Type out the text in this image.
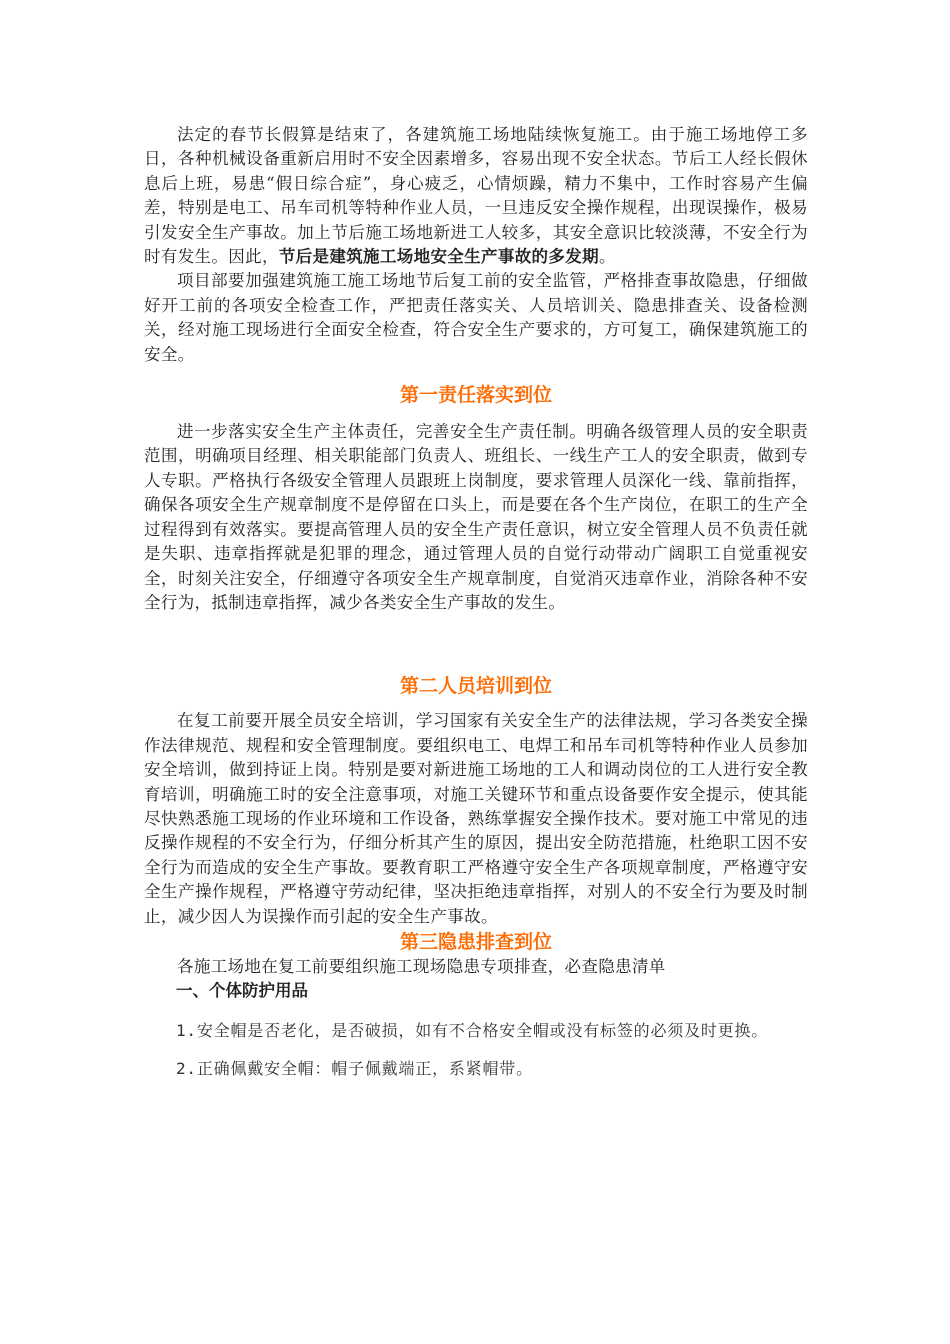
法定的春节长假算是结束了，各建筑施工场地陆续恢复施工。由于施工场地停工多日，各种机械设备重新启用时不安全因素增多，容易出现不安全状态。节后工人经长假休息后上班，易患“假日综合症”，身心疲乏，心情烦躁，精力不集中，工作时容易产生偏差，特别是电工、吊车司机等特种作业人员，一旦违反安全操作规程，出现误操作，极易引发安全生产事故。加上节后施工场地新进工人较多，其安全意识比较淡薄，不安全行为时有发生。因此，节后是建筑施工场地安全生产事故的多发期。

项目部要加强建筑施工施工场地节后复工前的安全监管，严格排查事故隐患，仔细做好开工前的各项安全检查工作，严把责任落实关、人员培训关、隐患排查关、设备检测关，经对施工现场进行全面安全检查，符合安全生产要求的，方可复工，确保建筑施工的安全。

第一责任落实到位

进一步落实安全生产主体责任，完善安全生产责任制。明确各级管理人员的安全职责范围，明确项目经理、相关职能部门负责人、班组长、一线生产工人的安全职责，做到专人专职。严格执行各级安全管理人员跟班上岗制度，要求管理人员深化一线、靠前指挥，确保各项安全生产规章制度不是停留在口头上，而是要在各个生产岗位，在职工的生产全过程得到有效落实。要提高管理人员的安全生产责任意识，树立安全管理人员不负责任就是失职、违章指挥就是犯罪的理念，通过管理人员的自觉行动带动广阔职工自觉重视安全，时刻关注安全，仔细遵守各项安全生产规章制度，自觉消灭违章作业，消除各种不安全行为，抵制违章指挥，减少各类安全生产事故的发生。

第二人员培训到位

在复工前要开展全员安全培训，学习国家有关安全生产的法律法规，学习各类安全操作法律规范、规程和安全管理制度。要组织电工、电焊工和吊车司机等特种作业人员参加安全培训，做到持证上岗。特别是要对新进施工场地的工人和调动岗位的工人进行安全教育培训，明确施工时的安全注意事项，对施工关键环节和重点设备要作安全提示，使其能尽快熟悉施工现场的作业环境和工作设备，熟练掌握安全操作技术。要对施工中常见的违反操作规程的不安全行为，仔细分析其产生的原因，提出安全防范措施，杜绝职工因不安全行为而造成的安全生产事故。要教育职工严格遵守安全生产各项规章制度，严格遵守安全生产操作规程，严格遵守劳动纪律，坚决拒绝违章指挥，对别人的不安全行为要及时制止，减少因人为误操作而引起的安全生产事故。

第三隐患排查到位

各施工场地在复工前要组织施工现场隐患专项排查，必查隐患清单

一、个体防护用品

1.安全帽是否老化，是否破损，如有不合格安全帽或没有标签的必须及时更换。

2.正确佩戴安全帽：帽子佩戴端正，系紧帽带。
